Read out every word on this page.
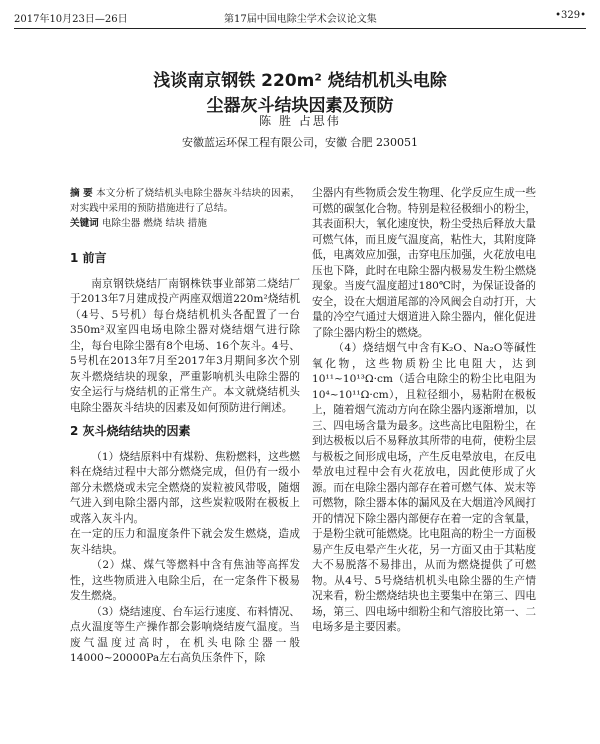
2017年10月23日—26日	第17届中国电除尘学术会议论文集	•329•
浅谈南京钢铁 220m² 烧结机机头电除
尘器灰斗结块因素及预防
陈 胜 占思伟
安徽蓝运环保工程有限公司，安徽 合肥 230051
摘 要 本文分析了烧结机头电除尘器灰斗结块的因素，对实践中采用的预防措施进行了总结。
关键词 电除尘器 燃烧 结块 措施
1 前言

南京钢铁烧结厂南钢株铁事业部第二烧结厂于2013年7月建成投产两座双烟道220m²烧结机（4号、5号机）每台烧结机机头各配置了一台350m²双室四电场电除尘器对烧结烟气进行除尘，每台电除尘器有8个电场、16个灰斗。4号、5号机在2013年7月至2017年3月期间多次个别灰斗燃烧结块的现象，严重影响机头电除尘器的安全运行与烧结机的正常生产。本文就烧结机头电除尘器灰斗结块的因素及如何预防进行阐述。

2 灰斗烧结结块的因素

（1）烧结原料中有煤粉、焦粉燃料，这些燃料在烧结过程中大部分燃烧完成，但仍有一级小部分未燃烧或未完全燃烧的炭粒被风带吸，随烟气进入到电除尘器内部，这些炭粒吸附在极板上或落入灰斗内。

在一定的压力和温度条件下就会发生燃烧，造成灰斗结块。

（2）煤、煤气等燃料中含有焦油等高挥发性，这些物质进入电除尘后，在一定条件下极易发生燃烧。

（3）烧结速度、台车运行速度、布料情况、点火温度等生产操作都会影响烧结废气温度。当废气温度过高时，在机头电除尘器一般14000~20000Pa左右高负压条件下，除

尘器内有些物质会发生物理、化学反应生成一些可燃的碳氢化合物。特别是粒径极细小的粉尘，其表面积大，氧化速度快，粉尘受热后释放大量可燃气体，而且废气温度高，粘性大，其附度降低，电离效应加强，击穿电压加强，火花放电电压也下降，此时在电除尘器内极易发生粉尘燃烧现象。当废气温度超过180℃时，为保证设备的安全，设在大烟道尾部的冷风阀会自动打开，大量的冷空气通过大烟道进入除尘器内，催化促进了除尘器内粉尘的燃烧。

（4）烧结烟气中含有K₂O、Na₂O等碱性氧化物，这些物质粉尘比电阻大，达到10¹¹~10¹³Ω·cm（适合电除尘的粉尘比电阻为10⁴~10¹¹Ω·cm），且粒径细小，易粘附在极板上，随着烟气流动方向在除尘器内逐渐增加，以三、四电场含量为最多。这些高比电阻粉尘，在到达极板以后不易释放其所带的电荷，使粉尘层与极板之间形成电场，产生反电晕放电，在反电晕放电过程中会有火花放电，因此使形成了火源。而在电除尘器内部存在着可燃气体、炭末等可燃物，除尘器本体的漏风及在大烟道冷风阀打开的情况下除尘器内部便存在着一定的含氧量，于是粉尘就可能燃烧。比电阻高的粉尘一方面极易产生反电晕产生火花，另一方面又由于其粘度大不易脱落不易排出，从而为燃烧提供了可燃物。从4号、5号烧结机机头电除尘器的生产情况来看，粉尘燃烧结块也主要集中在第三、四电场，第三、四电场中细粉尘和气溶胶比第一、二电场多是主要因素。
